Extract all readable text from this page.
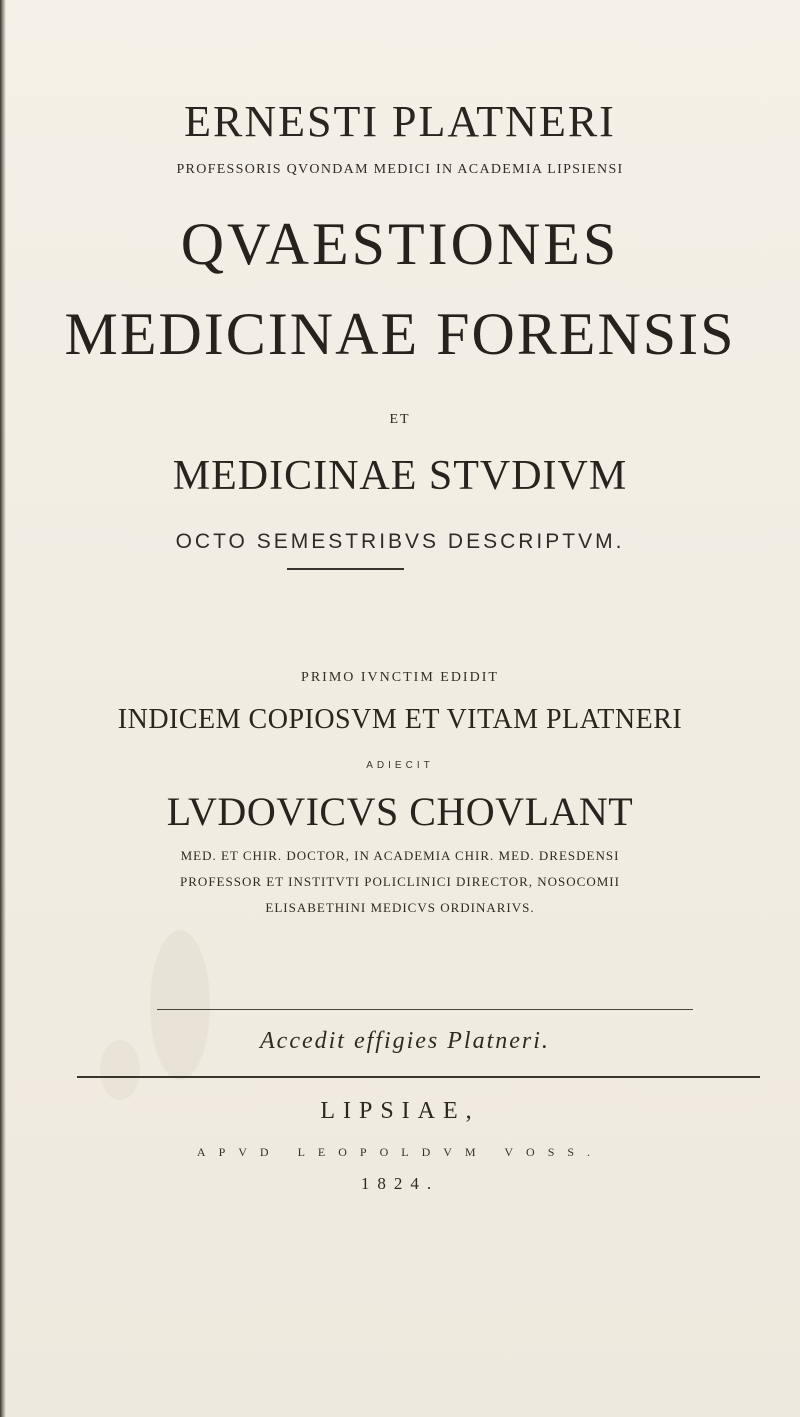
ERNESTI PLATNERI
PROFESSORIS QVONDAM MEDICI IN ACADEMIA LIPSIENSI
QVAESTIONES
MEDICINAE FORENSIS
ET
MEDICINAE STVDIVM
OCTO SEMESTRIBVS DESCRIPTVM.
PRIMO IVNCTIM EDIDIT
INDICEM COPIOSVM ET VITAM PLATNERI
ADIECIT
LVDOVICVS CHOVLANT
MED. ET CHIR. DOCTOR, IN ACADEMIA CHIR. MED. DRESDENSI
PROFESSOR ET INSTITVTI POLICLINICI DIRECTOR, NOSOCOMII
ELISABETHINI MEDICVS ORDINARIVS.
Accedit effigies Platneri.
LIPSIAE,
APVD LEOPOLDVM VOSS.
1824.
